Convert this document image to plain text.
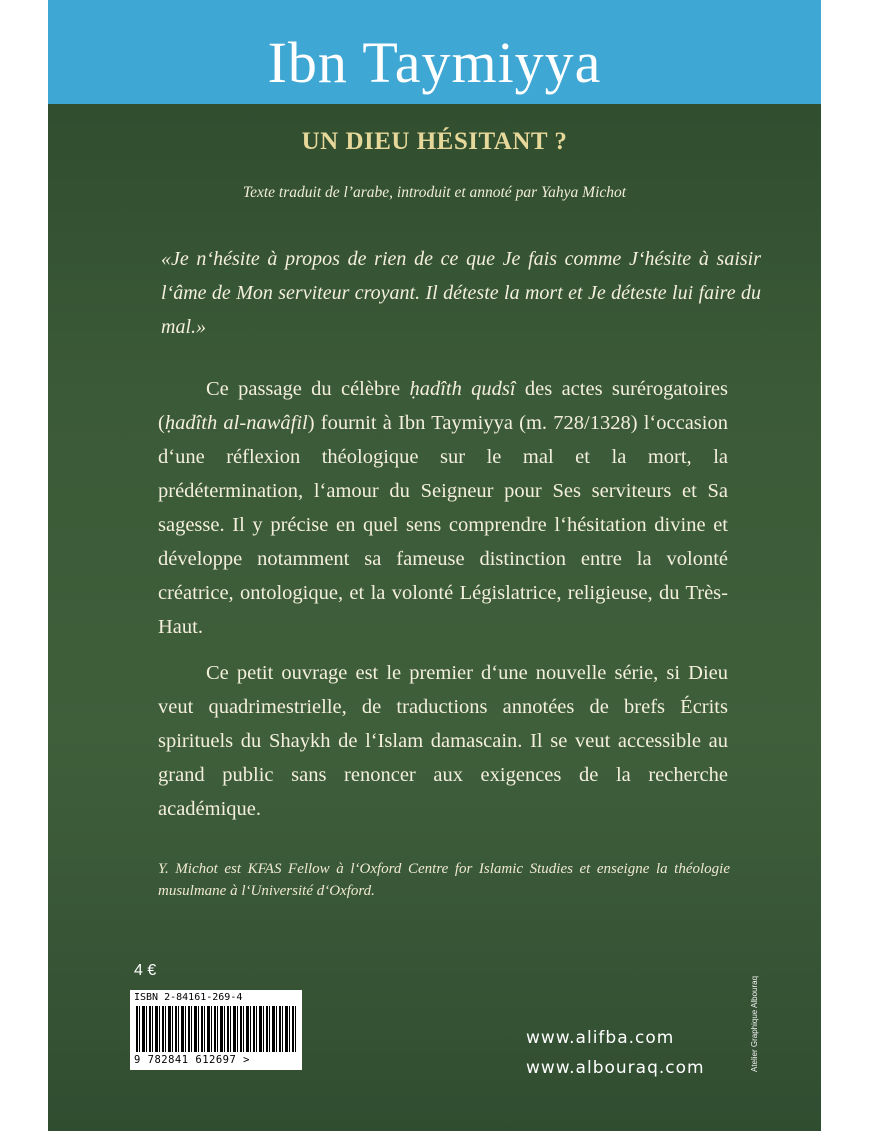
Ibn Taymiyya
UN DIEU HÉSITANT ?
Texte traduit de l’arabe, introduit et annoté par Yahya Michot

«Je n‘hésite à propos de rien de ce que Je fais comme J‘hésite à saisir l‘âme de Mon serviteur croyant. Il déteste la mort et Je déteste lui faire du mal.»

Ce passage du célèbre ḥadîth qudsî des actes surérogatoires (ḥadîth al-nawâfil) fournit à Ibn Taymiyya (m. 728/1328) l‘occasion d‘une réflexion théologique sur le mal et la mort, la prédétermination, l‘amour du Seigneur pour Ses serviteurs et Sa sagesse. Il y précise en quel sens comprendre l‘hésitation divine et développe notamment sa fameuse distinction entre la volonté créatrice, ontologique, et la volonté Législatrice, religieuse, du Très-Haut.

Ce petit ouvrage est le premier d‘une nouvelle série, si Dieu veut quadrimestrielle, de traductions annotées de brefs Écrits spirituels du Shaykh de l‘Islam damascain. Il se veut accessible au grand public sans renoncer aux exigences de la recherche académique.

Y. Michot est KFAS Fellow à l‘Oxford Centre for Islamic Studies et enseigne la théologie musulmane à l‘Université d‘Oxford.

4 €
ISBN 2-84161-269-4
9 782841 612697 >
www.alifba.com
www.albouraq.com	Atelier Graphique Albouraq
